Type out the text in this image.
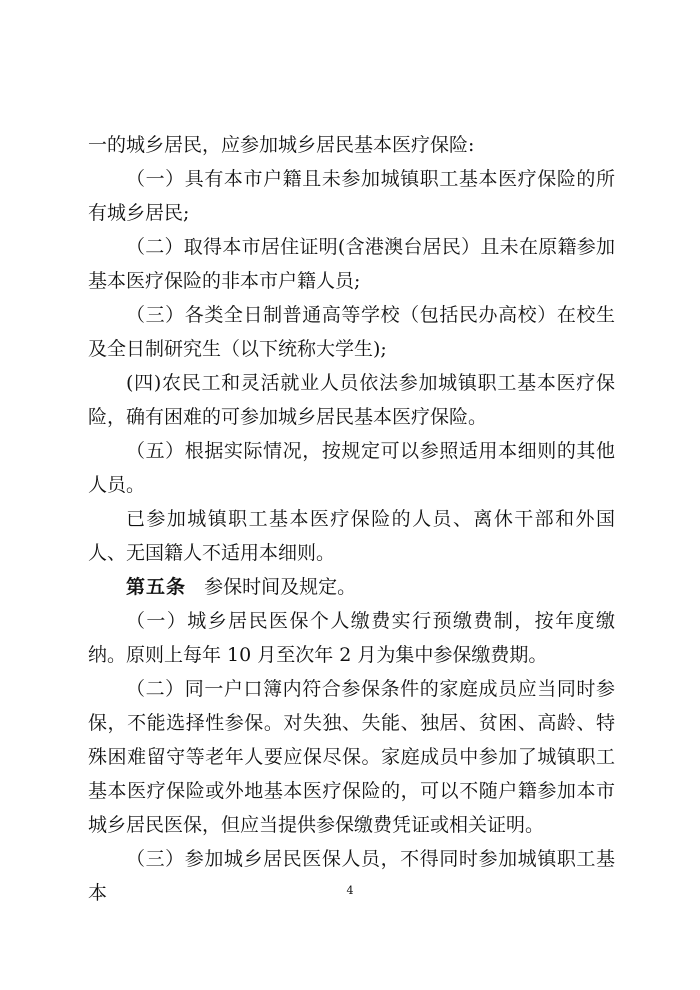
一的城乡居民，应参加城乡居民基本医疗保险:

（一）具有本市户籍且未参加城镇职工基本医疗保险的所有城乡居民;

（二）取得本市居住证明(含港澳台居民）且未在原籍参加基本医疗保险的非本市户籍人员;

（三）各类全日制普通高等学校（包括民办高校）在校生及全日制研究生（以下统称大学生);

(四)农民工和灵活就业人员依法参加城镇职工基本医疗保险，确有困难的可参加城乡居民基本医疗保险。

（五）根据实际情况，按规定可以参照适用本细则的其他人员。

已参加城镇职工基本医疗保险的人员、离休干部和外国人、无国籍人不适用本细则。

第五条 参保时间及规定。

（一）城乡居民医保个人缴费实行预缴费制，按年度缴纳。原则上每年 10 月至次年 2 月为集中参保缴费期。

（二）同一户口簿内符合参保条件的家庭成员应当同时参保，不能选择性参保。对失独、失能、独居、贫困、高龄、特殊困难留守等老年人要应保尽保。家庭成员中参加了城镇职工基本医疗保险或外地基本医疗保险的，可以不随户籍参加本市城乡居民医保，但应当提供参保缴费凭证或相关证明。

（三）参加城乡居民医保人员，不得同时参加城镇职工基本	4
